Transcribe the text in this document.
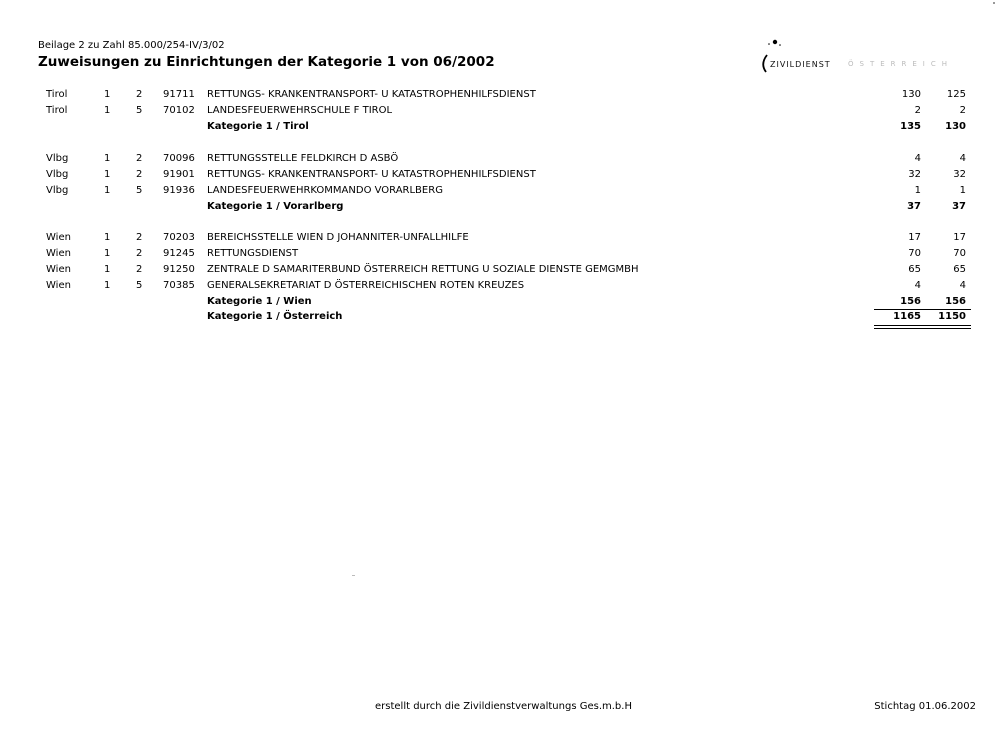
Beilage 2 zu Zahl 85.000/254-IV/3/02
Zuweisungen zu Einrichtungen der Kategorie 1 von 06/2002	ZIVILDIENST ÖSTERREICH
Tirol	1	2 91711 RETTUNGS- KRANKENTRANSPORT- U KATASTROPHENHILFSDIENST	130	125
Tirol	1	5 70102 LANDESFEUERWEHRSCHULE F TIROL	2	2
Kategorie 1 / Tirol	135 130
Vlbg	1	2 70096 RETTUNGSSTELLE FELDKIRCH D ASBÖ	4	4
Vlbg	1	2 91901 RETTUNGS- KRANKENTRANSPORT- U KATASTROPHENHILFSDIENST	32	32
Vlbg	1	5 91936 LANDESFEUERWEHRKOMMANDO VORARLBERG	1	1
Kategorie 1 / Vorarlberg	37	37
Wien	1	2 70203 BEREICHSSTELLE WIEN D JOHANNITER-UNFALLHILFE	17	17
Wien	1	2 91245 RETTUNGSDIENST	70	70
Wien	1	2 91250 ZENTRALE D SAMARITERBUND ÖSTERREICH RETTUNG U SOZIALE DIENSTE GEMGMBH	65	65
Wien	1	5 70385 GENERALSEKRETARIAT D ÖSTERREICHISCHEN ROTEN KREUZES	4	4
Kategorie 1 / Wien	156 156
Kategorie 1 / Österreich	1165 1150
erstellt durch die Zivildienstverwaltungs Ges.m.b.H	Stichtag 01.06.2002
